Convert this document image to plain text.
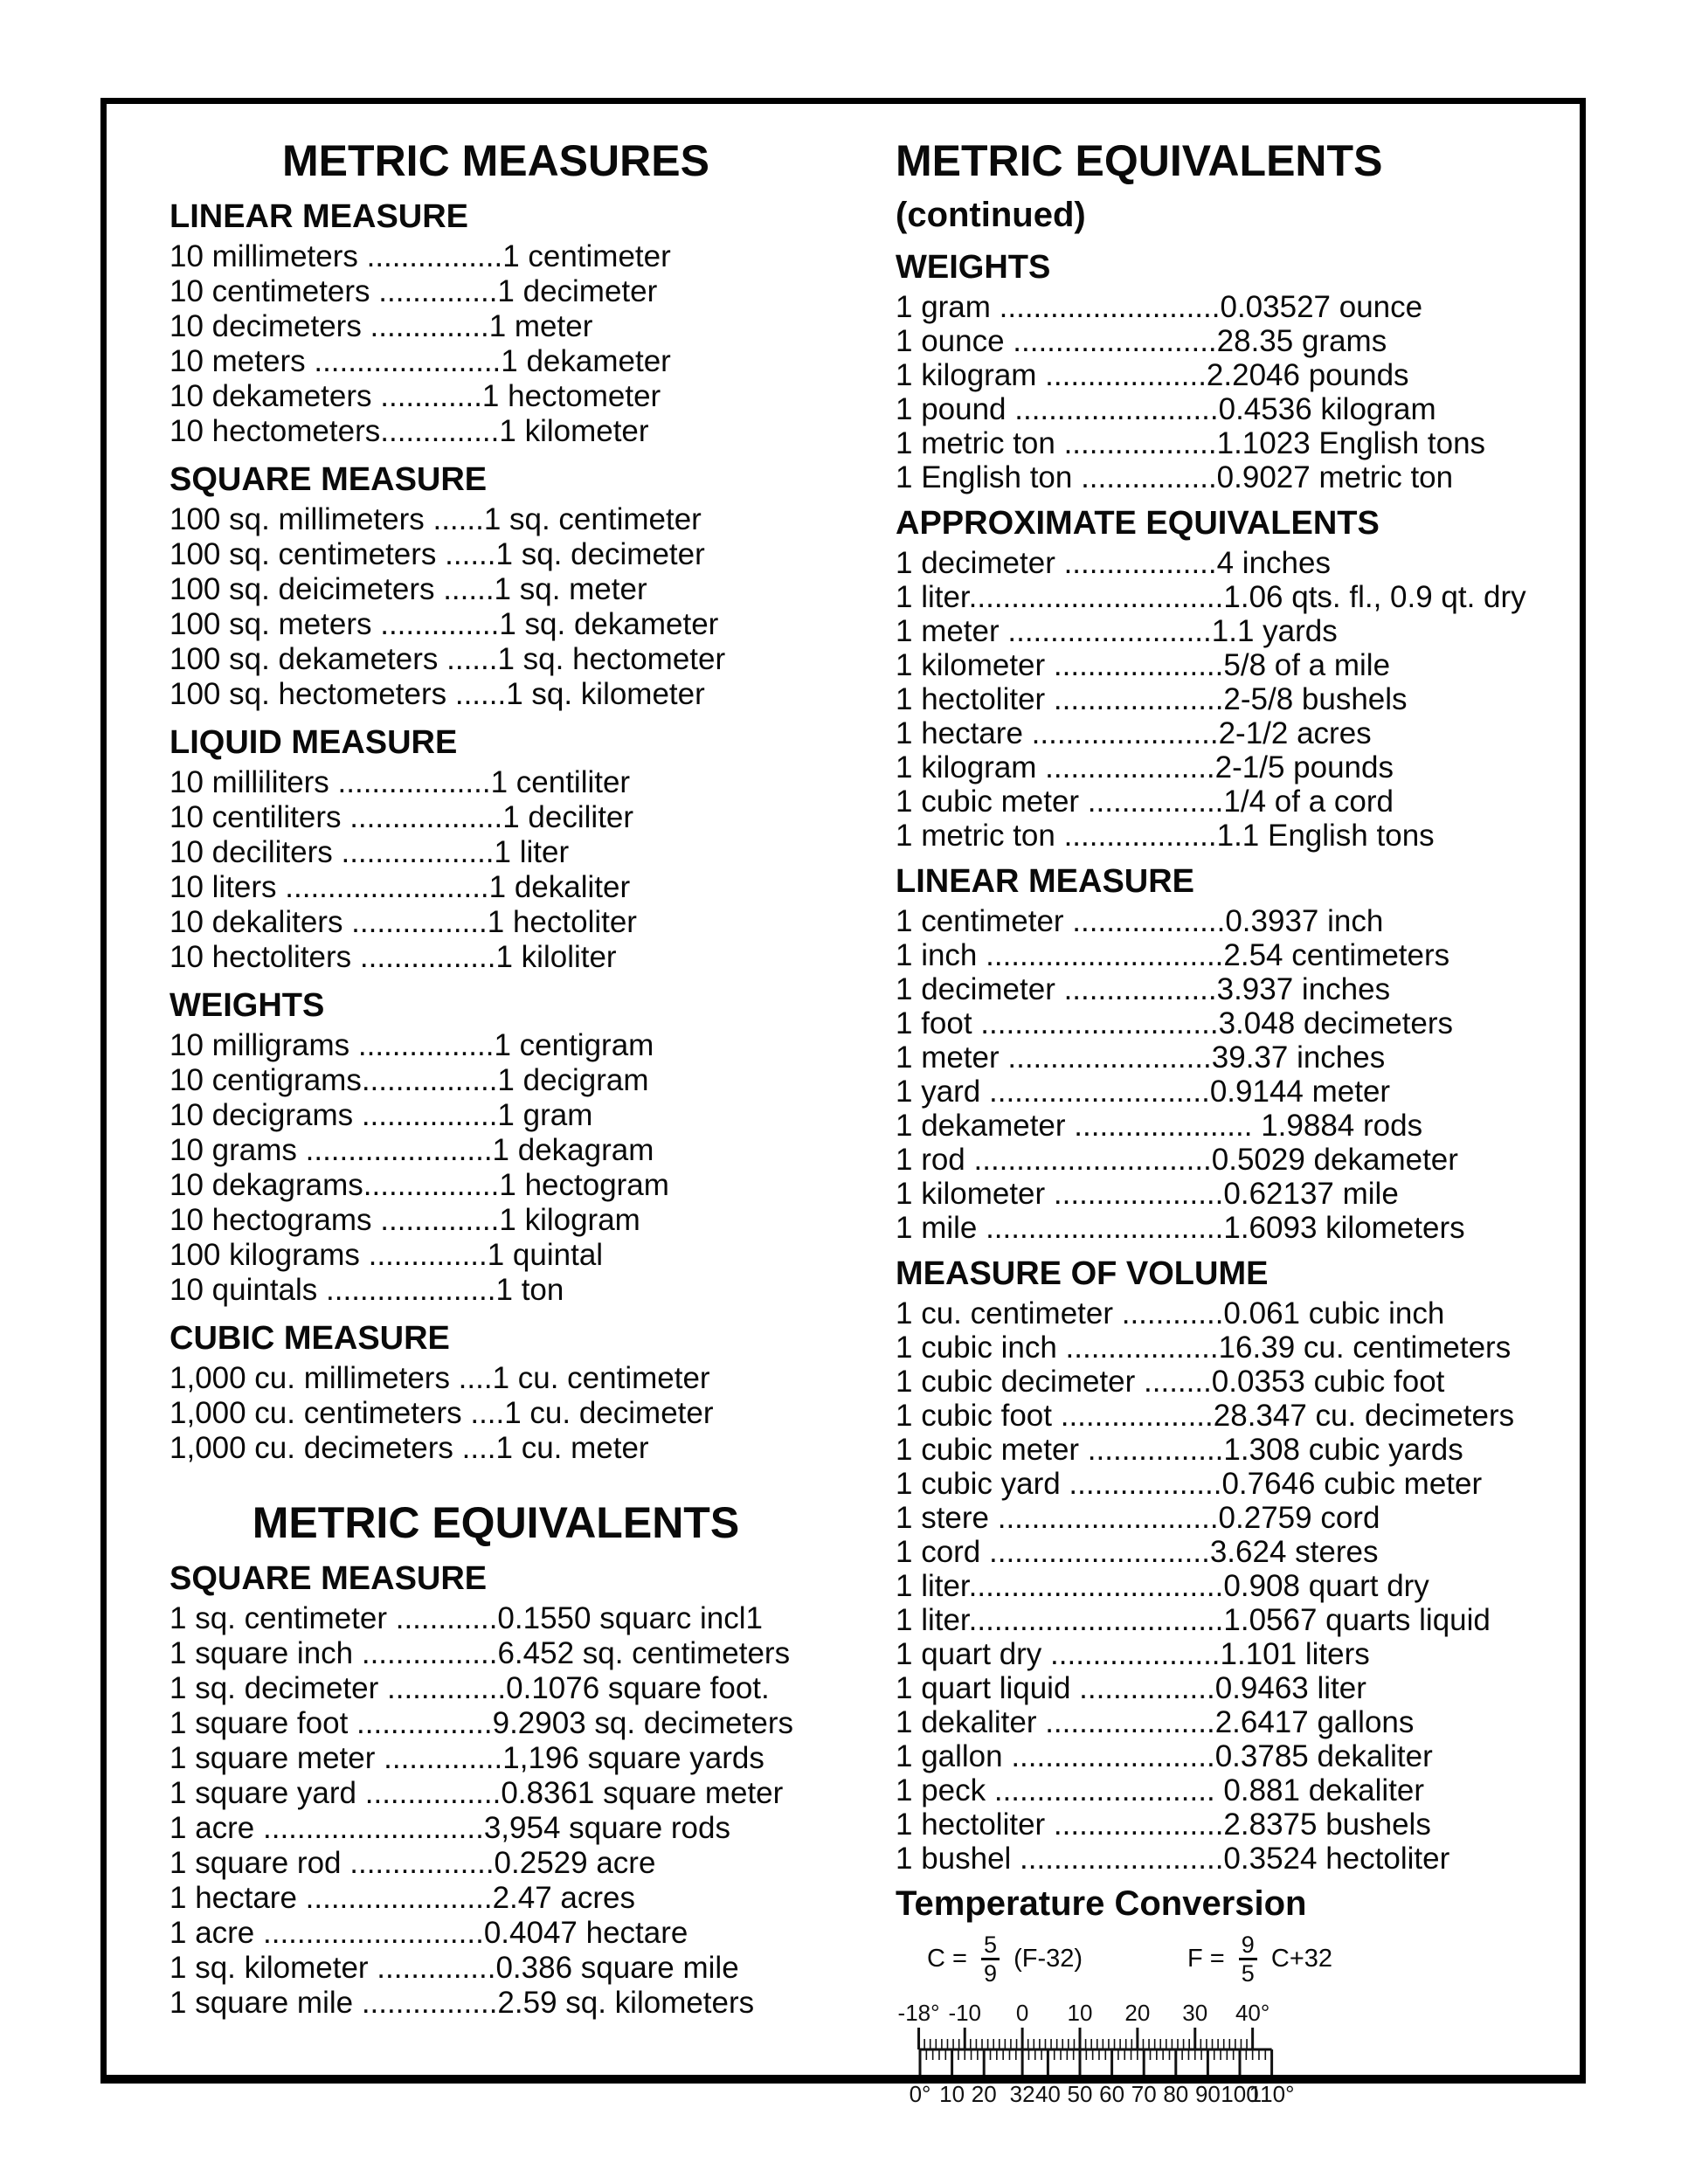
METRIC MEASURES
LINEAR MEASURE
10 millimeters ................1 centimeter
10 centimeters ..............1 decimeter
10 decimeters ..............1 meter
10 meters ......................1 dekameter
10 dekameters ............1 hectometer
10 hectometers..............1 kilometer
SQUARE MEASURE
100 sq. millimeters ......1 sq. centimeter
100 sq. centimeters ......1 sq. decimeter
100 sq. deicimeters ......1 sq. meter
100 sq. meters ..............1 sq. dekameter
100 sq. dekameters ......1 sq. hectometer
100 sq. hectometers ......1 sq. kilometer
LIQUID MEASURE
10 milliliters ..................1 centiliter
10 centiliters ..................1 deciliter
10 deciliters ..................1 liter
10 liters ........................1 dekaliter
10 dekaliters ................1 hectoliter
10 hectoliters ................1 kiloliter
WEIGHTS
10 milligrams ................1 centigram
10 centigrams................1 decigram
10 decigrams ................1 gram
10 grams ......................1 dekagram
10 dekagrams................1 hectogram
10 hectograms ..............1 kilogram
100 kilograms ..............1 quintal
10 quintals ....................1 ton
CUBIC MEASURE
1,000 cu. millimeters ....1 cu. centimeter
1,000 cu. centimeters ....1 cu. decimeter
1,000 cu. decimeters ....1 cu. meter
METRIC EQUIVALENTS
SQUARE MEASURE
1 sq. centimeter ............0.1550 squarc incl1
1 square inch ................6.452 sq. centimeters
1 sq. decimeter ..............0.1076 square foot.
1 square foot ................9.2903 sq. decimeters
1 square meter ..............1,196 square yards
1 square yard ................0.8361 square meter
1 acre ..........................3,954 square rods
1 square rod .................0.2529 acre
1 hectare ......................2.47 acres
1 acre ..........................0.4047 hectare
1 sq. kilometer ..............0.386 square mile
1 square mile ................2.59 sq. kilometers
METRIC EQUIVALENTS (continued)
WEIGHTS
1 gram ..........................0.03527 ounce
1 ounce ........................28.35 grams
1 kilogram ...................2.2046 pounds
1 pound ........................0.4536 kilogram
1 metric ton ..................1.1023 English tons
1 English ton ................0.9027 metric ton
APPROXIMATE EQUIVALENTS
1 decimeter ..................4 inches
1 liter..............................1.06 qts. fl., 0.9 qt. dry
1 meter ........................1.1 yards
1 kilometer ....................5/8 of a mile
1 hectoliter ....................2-5/8 bushels
1 hectare ......................2-1/2 acres
1 kilogram ....................2-1/5 pounds
1 cubic meter ................1/4 of a cord
1 metric ton ..................1.1 English tons
LINEAR MEASURE
1 centimeter ..................0.3937 inch
1 inch ............................2.54 centimeters
1 decimeter ..................3.937 inches
1 foot ............................3.048 decimeters
1 meter ........................39.37 inches
1 yard ..........................0.9144 meter
1 dekameter ..................... 1.9884 rods
1 rod ............................0.5029 dekameter
1 kilometer ....................0.62137 mile
1 mile ............................1.6093 kilometers
MEASURE OF VOLUME
1 cu. centimeter ............0.061 cubic inch
1 cubic inch ..................16.39 cu. centimeters
1 cubic decimeter ........0.0353 cubic foot
1 cubic foot ..................28.347 cu. decimeters
1 cubic meter ................1.308 cubic yards
1 cubic yard ..................0.7646 cubic meter
1 stere ..........................0.2759 cord
1 cord ..........................3.624 steres
1 liter..............................0.908 quart dry
1 liter..............................1.0567 quarts liquid
1 quart dry ....................1.101 liters
1 quart liquid ................0.9463 liter
1 dekaliter ....................2.6417 gallons
1 gallon ........................0.3785 dekaliter
1 peck .......................... 0.881 dekaliter
1 hectoliter ....................2.8375 bushels
1 bushel ........................0.3524 hectoliter
Temperature Conversion
$C = \frac{5}{9} (F-32)$	$F = \frac{9}{5} C+32$
-18° -10 0 10 20 30 40°
0° 10 20 32 40 50 60 70 80 90 100
110°
